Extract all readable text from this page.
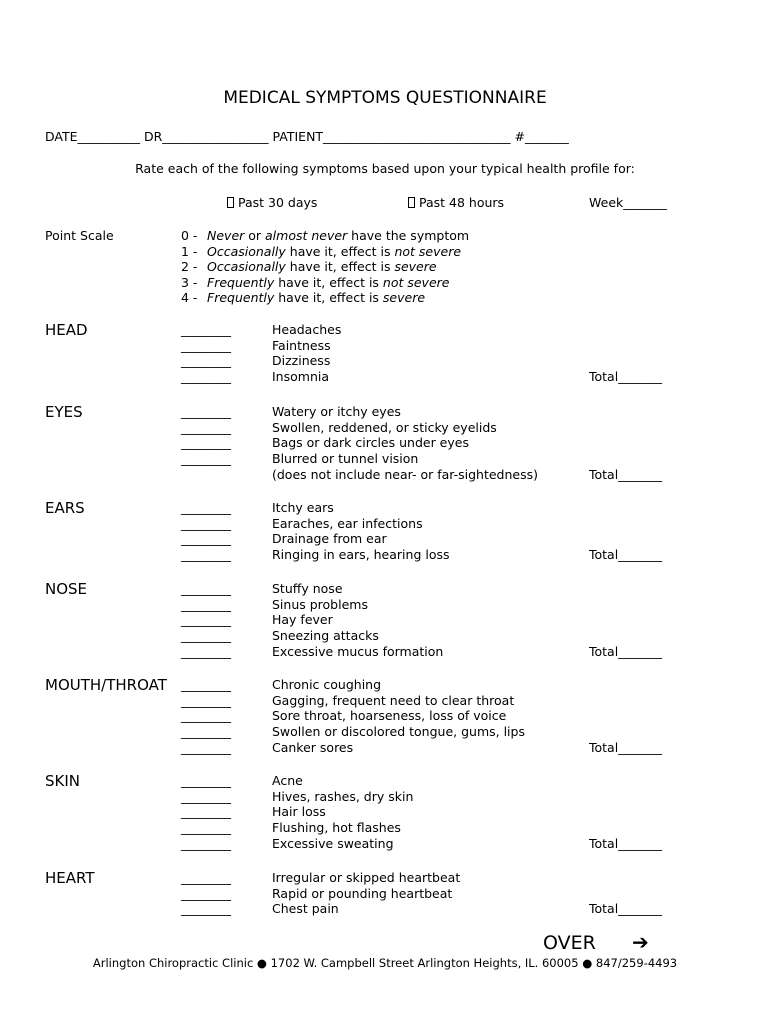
MEDICAL SYMPTOMS QUESTIONNAIRE
DATE__________ DR_________________ PATIENT______________________________ #_______
Rate each of the following symptoms based upon your typical health profile for:
Past 30 days	Past 48 hours	Week_______
Point Scale	0 - Never or almost never have the symptom
1 - Occasionally have it, effect is not severe
2 - Occasionally have it, effect is severe
3 - Frequently have it, effect is not severe
4 - Frequently have it, effect is severe
HEAD	________	Headaches
________	Faintness
________	Dizziness
________	Insomnia	Total_______
EYES	________	Watery or itchy eyes
________	Swollen, reddened, or sticky eyelids
________	Bags or dark circles under eyes
________	Blurred or tunnel vision
(does not include near- or far-sightedness)	Total_______
EARS	________	Itchy ears
________	Earaches, ear infections
________	Drainage from ear
________	Ringing in ears, hearing loss	Total_______
NOSE	________	Stuffy nose
________	Sinus problems
________	Hay fever
________	Sneezing attacks
________	Excessive mucus formation	Total_______
MOUTH/THROAT ________	Chronic coughing
________	Gagging, frequent need to clear throat
________	Sore throat, hoarseness, loss of voice
________	Swollen or discolored tongue, gums, lips
________	Canker sores	Total_______
SKIN	________	Acne
________	Hives, rashes, dry skin
________	Hair loss
________	Flushing, hot flashes
________	Excessive sweating	Total_______
HEART	________	Irregular or skipped heartbeat
________	Rapid or pounding heartbeat
________	Chest pain	Total_______
OVER ➔
Arlington Chiropractic Clinic ● 1702 W. Campbell Street Arlington Heights, IL. 60005 ● 847/259-4493
